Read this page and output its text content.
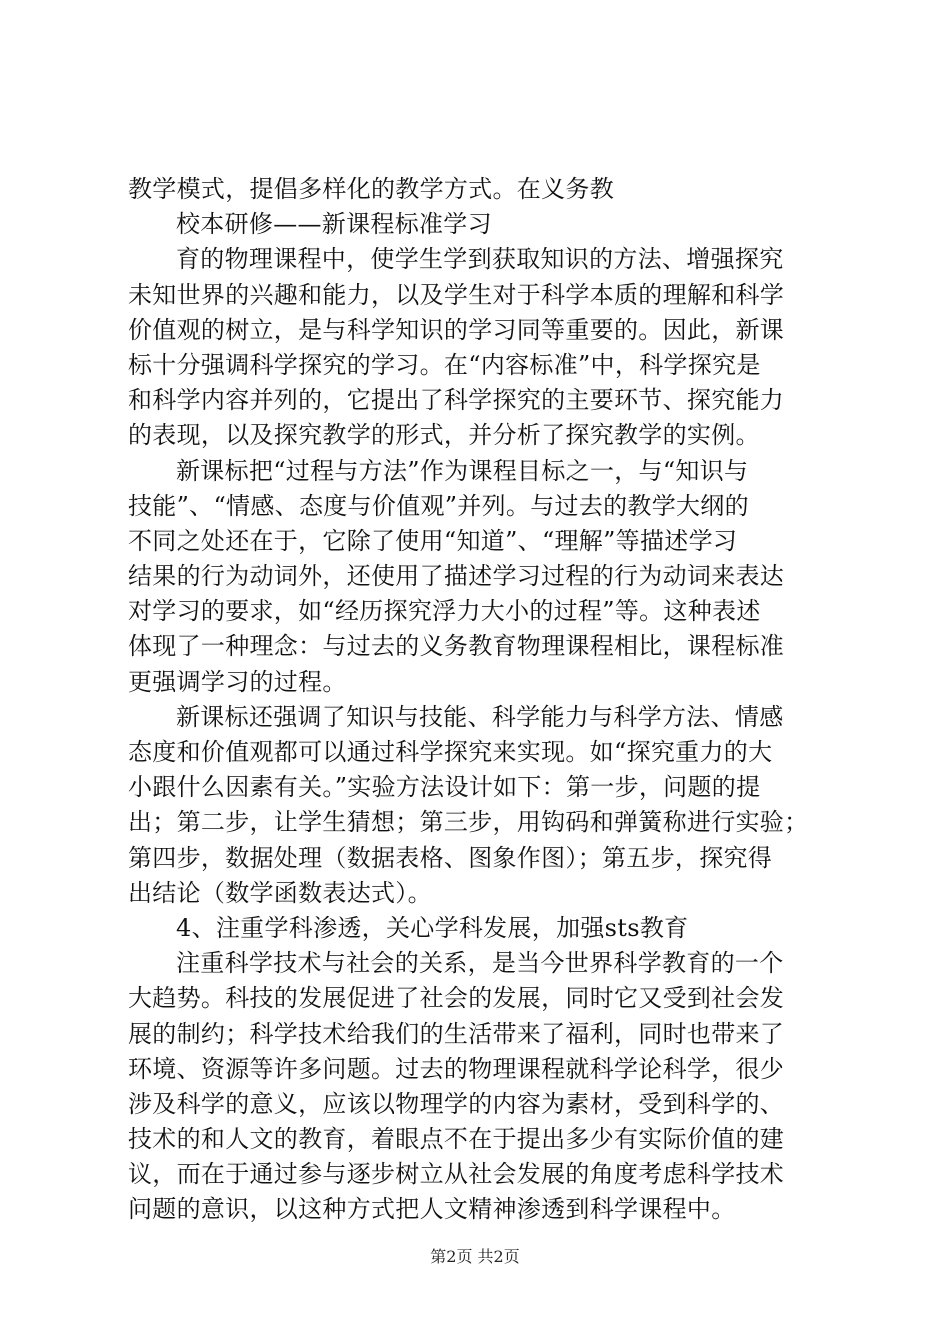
教学模式，提倡多样化的教学方式。在义务教
校本研修——新课程标准学习
育的物理课程中，使学生学到获取知识的方法、增强探究
未知世界的兴趣和能力，以及学生对于科学本质的理解和科学
价值观的树立，是与科学知识的学习同等重要的。因此，新课
标十分强调科学探究的学习。在“内容标准”中，科学探究是
和科学内容并列的，它提出了科学探究的主要环节、探究能力
的表现，以及探究教学的形式，并分析了探究教学的实例。
新课标把“过程与方法”作为课程目标之一，与“知识与
技能”、“情感、态度与价值观”并列。与过去的教学大纲的
不同之处还在于，它除了使用“知道”、“理解”等描述学习
结果的行为动词外，还使用了描述学习过程的行为动词来表达
对学习的要求，如“经历探究浮力大小的过程”等。这种表述
体现了一种理念：与过去的义务教育物理课程相比，课程标准
更强调学习的过程。
新课标还强调了知识与技能、科学能力与科学方法、情感
态度和价值观都可以通过科学探究来实现。如“探究重力的大
小跟什么因素有关。”实验方法设计如下：第一步，问题的提
出；第二步，让学生猜想；第三步，用钩码和弹簧称进行实验；
第四步，数据处理（数据表格、图象作图）；第五步，探究得
出结论（数学函数表达式）。
4、注重学科渗透，关心学科发展，加强sts教育
注重科学技术与社会的关系，是当今世界科学教育的一个
大趋势。科技的发展促进了社会的发展，同时它又受到社会发
展的制约；科学技术给我们的生活带来了福利，同时也带来了
环境、资源等许多问题。过去的物理课程就科学论科学，很少
涉及科学的意义，应该以物理学的内容为素材，受到科学的、
技术的和人文的教育，着眼点不在于提出多少有实际价值的建
议，而在于通过参与逐步树立从社会发展的角度考虑科学技术
问题的意识，以这种方式把人文精神渗透到科学课程中。
第2页 共2页
